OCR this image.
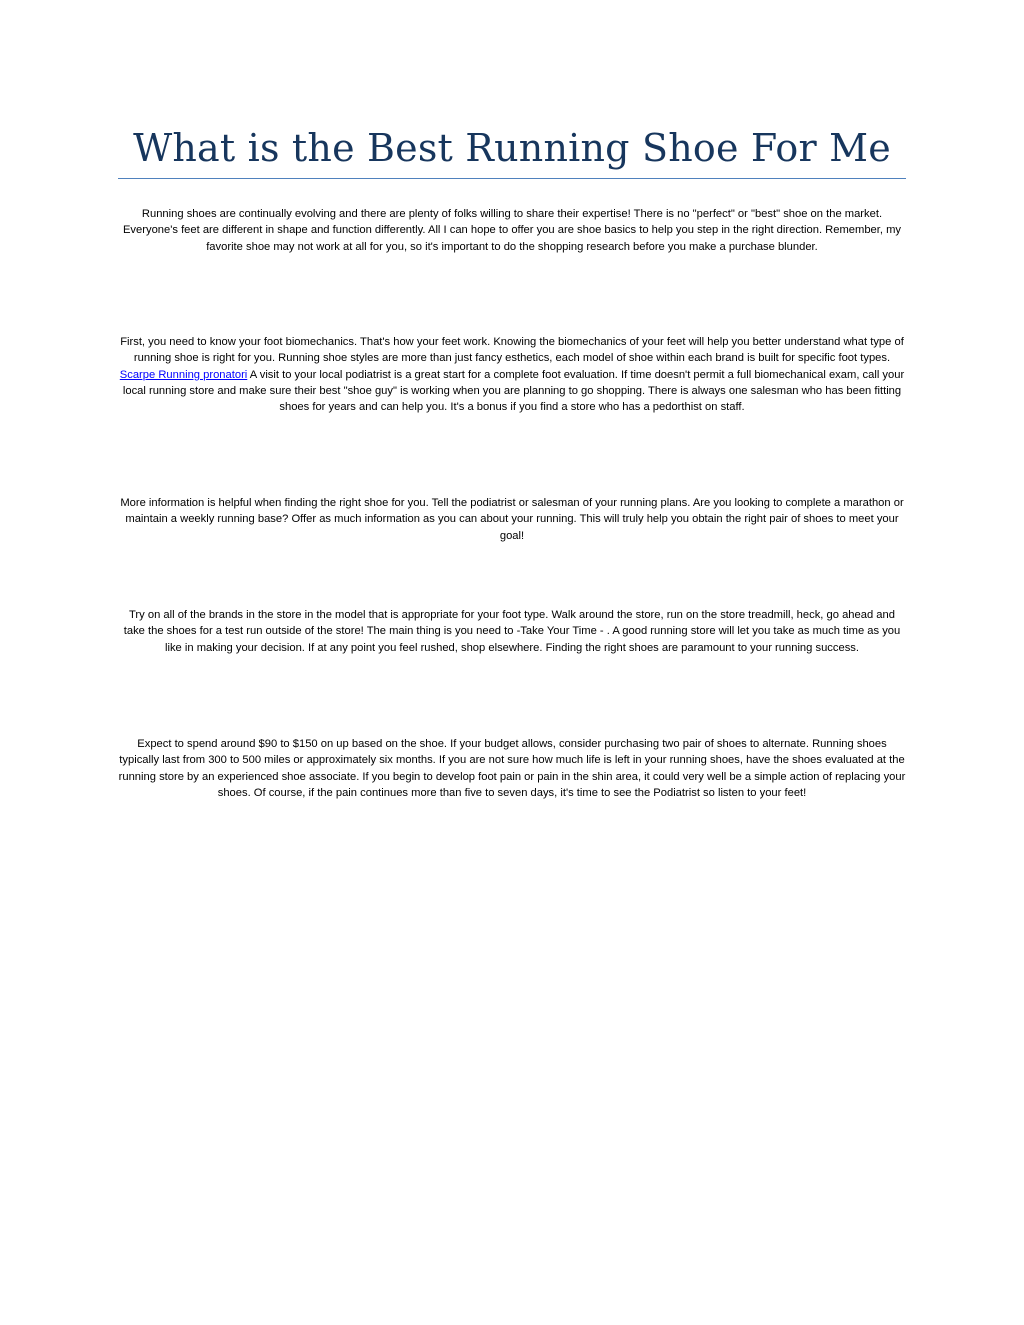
What is the Best Running Shoe For Me

Running shoes are continually evolving and there are plenty of folks willing to share their expertise! There is no "perfect" or "best" shoe on the market. Everyone's feet are different in shape and function differently. All I can hope to offer you are shoe basics to help you step in the right direction. Remember, my favorite shoe may not work at all for you, so it's important to do the shopping research before you make a purchase blunder.

First, you need to know your foot biomechanics. That's how your feet work. Knowing the biomechanics of your feet will help you better understand what type of running shoe is right for you. Running shoe styles are more than just fancy esthetics, each model of shoe within each brand is built for specific foot types. Scarpe Running pronatori A visit to your local podiatrist is a great start for a complete foot evaluation. If time doesn't permit a full biomechanical exam, call your local running store and make sure their best "shoe guy" is working when you are planning to go shopping. There is always one salesman who has been fitting shoes for years and can help you. It's a bonus if you find a store who has a pedorthist on staff.

More information is helpful when finding the right shoe for you. Tell the podiatrist or salesman of your running plans. Are you looking to complete a marathon or maintain a weekly running base? Offer as much information as you can about your running. This will truly help you obtain the right pair of shoes to meet your goal!

Try on all of the brands in the store in the model that is appropriate for your foot type. Walk around the store, run on the store treadmill, heck, go ahead and take the shoes for a test run outside of the store! The main thing is you need to -Take Your Time - . A good running store will let you take as much time as you like in making your decision. If at any point you feel rushed, shop elsewhere. Finding the right shoes are paramount to your running success.

Expect to spend around $90 to $150 on up based on the shoe. If your budget allows, consider purchasing two pair of shoes to alternate. Running shoes typically last from 300 to 500 miles or approximately six months. If you are not sure how much life is left in your running shoes, have the shoes evaluated at the running store by an experienced shoe associate. If you begin to develop foot pain or pain in the shin area, it could very well be a simple action of replacing your shoes. Of course, if the pain continues more than five to seven days, it's time to see the Podiatrist so listen to your feet!
